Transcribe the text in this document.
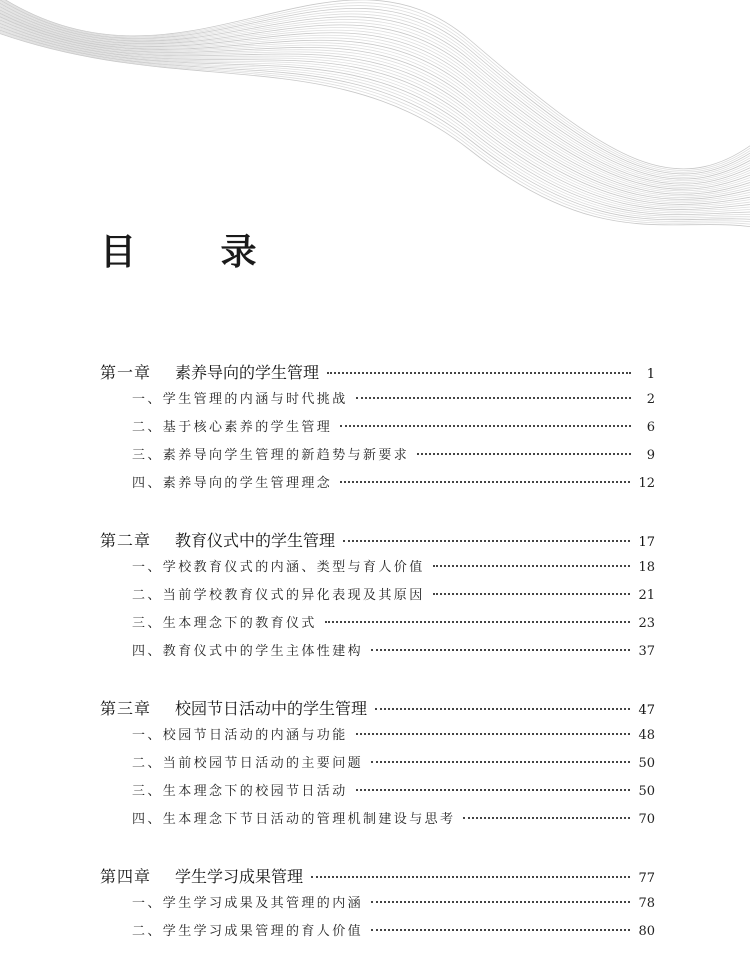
目 录
第一章 素养导向的学生管理	1
一、学生管理的内涵与时代挑战	2
二、基于核心素养的学生管理	6
三、素养导向学生管理的新趋势与新要求	9
四、素养导向的学生管理理念	12
第二章 教育仪式中的学生管理	17
一、学校教育仪式的内涵、类型与育人价值	18
二、当前学校教育仪式的异化表现及其原因	21
三、生本理念下的教育仪式	23
四、教育仪式中的学生主体性建构	37
第三章 校园节日活动中的学生管理	47
一、校园节日活动的内涵与功能	48
二、当前校园节日活动的主要问题	50
三、生本理念下的校园节日活动	50
四、生本理念下节日活动的管理机制建设与思考	70
第四章 学生学习成果管理	77
一、学生学习成果及其管理的内涵	78
二、学生学习成果管理的育人价值	80
